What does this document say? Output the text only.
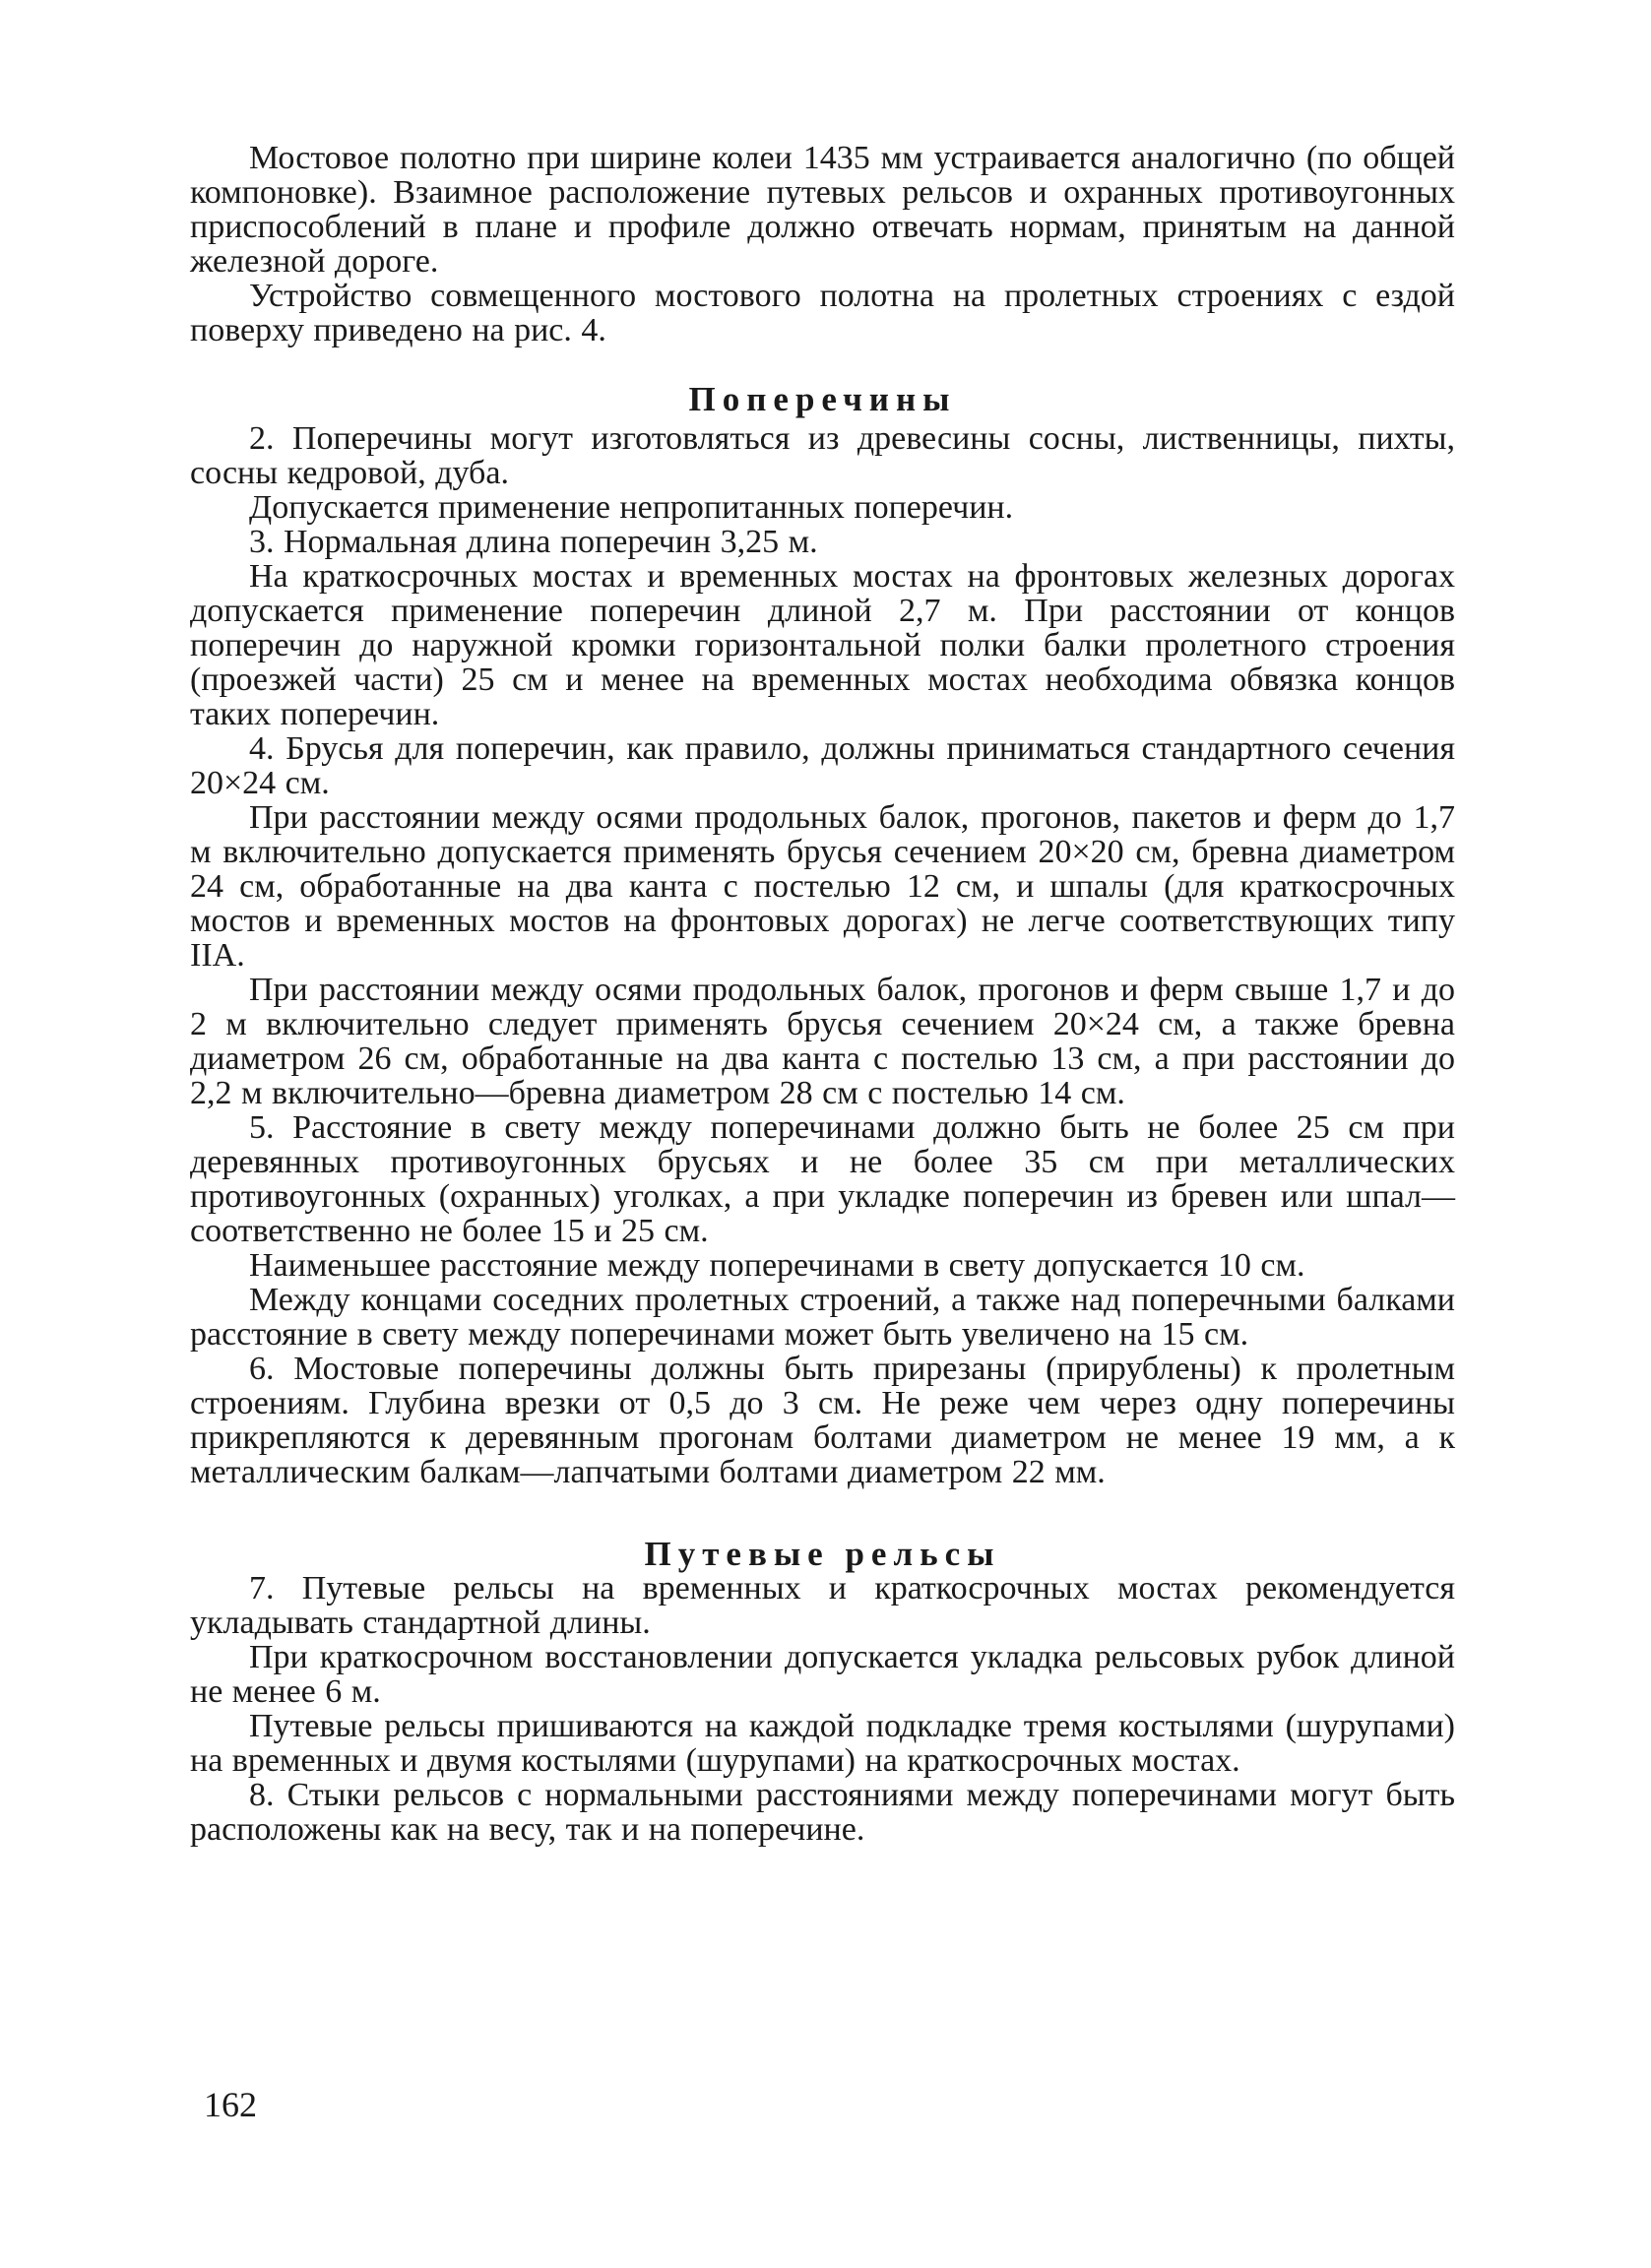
Мостовое полотно при ширине колеи 1435 мм устраивается аналогично (по общей компоновке). Взаимное расположение путевых рельсов и охранных противоугонных приспособлений в плане и профиле должно отвечать нормам, принятым на данной железной дороге.

Устройство совмещенного мостового полотна на пролетных строениях с ездой поверху приведено на рис. 4.

Поперечины

2. Поперечины могут изготовляться из древесины сосны, лиственницы, пихты, сосны кедровой, дуба.

Допускается применение непропитанных поперечин.

3. Нормальная длина поперечин 3,25 м.

На краткосрочных мостах и временных мостах на фронтовых железных дорогах допускается применение поперечин длиной 2,7 м. При расстоянии от концов поперечин до наружной кромки горизонтальной полки балки пролетного строения (проезжей части) 25 см и менее на временных мостах необходима обвязка концов таких поперечин.

4. Брусья для поперечин, как правило, должны приниматься стандартного сечения 20×24 см.

При расстоянии между осями продольных балок, прогонов, пакетов и ферм до 1,7 м включительно допускается применять брусья сечением 20×20 см, бревна диаметром 24 см, обработанные на два канта с постелью 12 см, и шпалы (для краткосрочных мостов и временных мостов на фронтовых дорогах) не легче соответствующих типу IIА.

При расстоянии между осями продольных балок, прогонов и ферм свыше 1,7 и до 2 м включительно следует применять брусья сечением 20×24 см, а также бревна диаметром 26 см, обработанные на два канта с постелью 13 см, а при расстоянии до 2,2 м включительно—бревна диаметром 28 см с постелью 14 см.

5. Расстояние в свету между поперечинами должно быть не более 25 см при деревянных противоугонных брусьях и не более 35 см при металлических противоугонных (охранных) уголках, а при укладке поперечин из бревен или шпал—соответственно не более 15 и 25 см.

Наименьшее расстояние между поперечинами в свету допускается 10 см.

Между концами соседних пролетных строений, а также над поперечными балками расстояние в свету между поперечинами может быть увеличено на 15 см.

6. Мостовые поперечины должны быть прирезаны (прирублены) к пролетным строениям. Глубина врезки от 0,5 до 3 см. Не реже чем через одну поперечины прикрепляются к деревянным прогонам болтами диаметром не менее 19 мм, а к металлическим балкам—лапчатыми болтами диаметром 22 мм.

Путевые рельсы

7. Путевые рельсы на временных и краткосрочных мостах рекомендуется укладывать стандартной длины.

При краткосрочном восстановлении допускается укладка рельсовых рубок длиной не менее 6 м.

Путевые рельсы пришиваются на каждой подкладке тремя костылями (шурупами) на временных и двумя костылями (шурупами) на краткосрочных мостах.

8. Стыки рельсов с нормальными расстояниями между поперечинами могут быть расположены как на весу, так и на поперечине.

162
